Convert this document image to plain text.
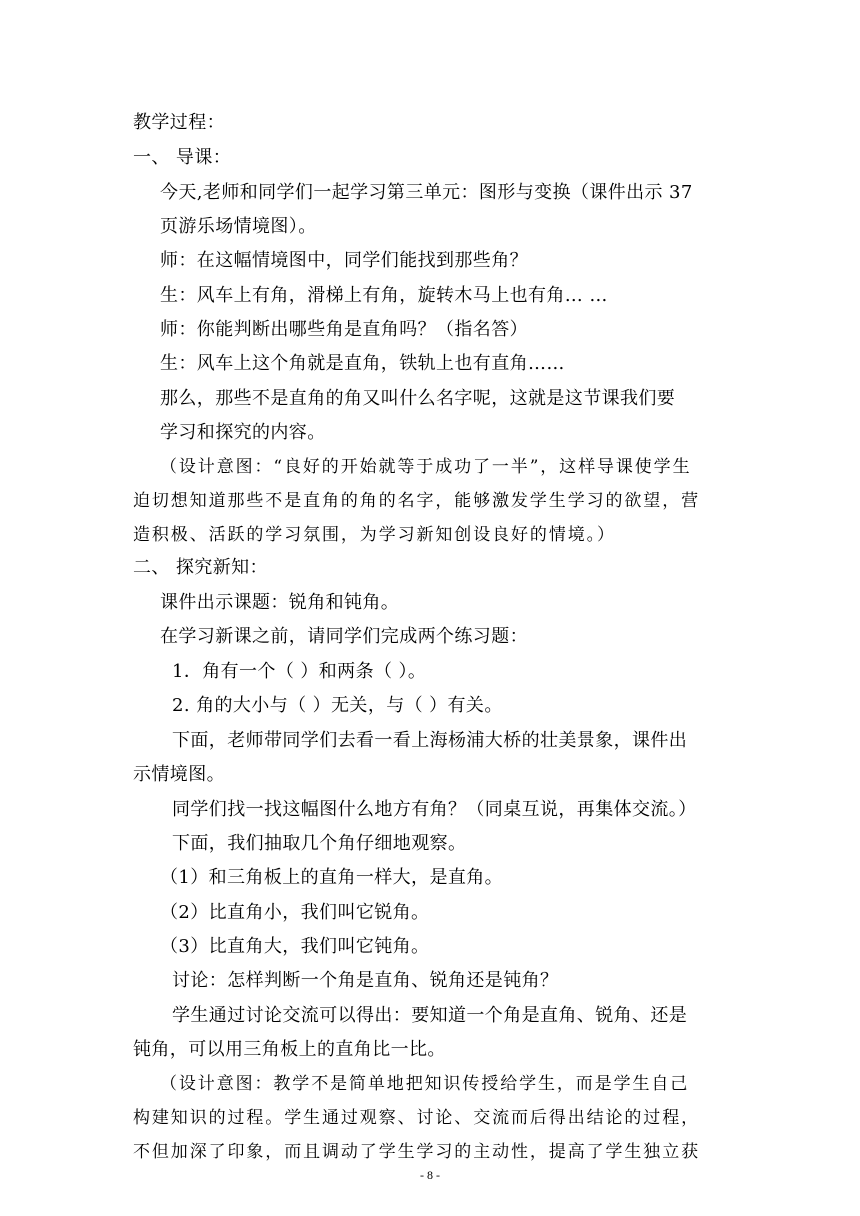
教学过程：

一、 导课：

今天,老师和同学们一起学习第三单元：图形与变换（课件出示 37

页游乐场情境图）。

师：在这幅情境图中，同学们能找到那些角？

生：风车上有角，滑梯上有角，旋转木马上也有角… …

师：你能判断出哪些角是直角吗？（指名答）

生：风车上这个角就是直角，铁轨上也有直角……

那么，那些不是直角的角又叫什么名字呢，这就是这节课我们要

学习和探究的内容。

（设计意图：“良好的开始就等于成功了一半”，这样导课使学生

迫切想知道那些不是直角的角的名字，能够激发学生学习的欲望，营

造积极、活跃的学习氛围，为学习新知创设良好的情境。）

二、 探究新知：

课件出示课题：锐角和钝角。

在学习新课之前，请同学们完成两个练习题：

1．角有一个（ ）和两条（ ）。

2. 角的大小与（ ）无关，与（ ）有关。

下面，老师带同学们去看一看上海杨浦大桥的壮美景象，课件出

示情境图。

同学们找一找这幅图什么地方有角？（同桌互说，再集体交流。）

下面，我们抽取几个角仔细地观察。

（1）和三角板上的直角一样大，是直角。

（2）比直角小，我们叫它锐角。

（3）比直角大，我们叫它钝角。

讨论：怎样判断一个角是直角、锐角还是钝角？

学生通过讨论交流可以得出：要知道一个角是直角、锐角、还是

钝角，可以用三角板上的直角比一比。

（设计意图：教学不是简单地把知识传授给学生，而是学生自己

构建知识的过程。学生通过观察、讨论、交流而后得出结论的过程，

不但加深了印象，而且调动了学生学习的主动性，提高了学生独立获

- 8 -
